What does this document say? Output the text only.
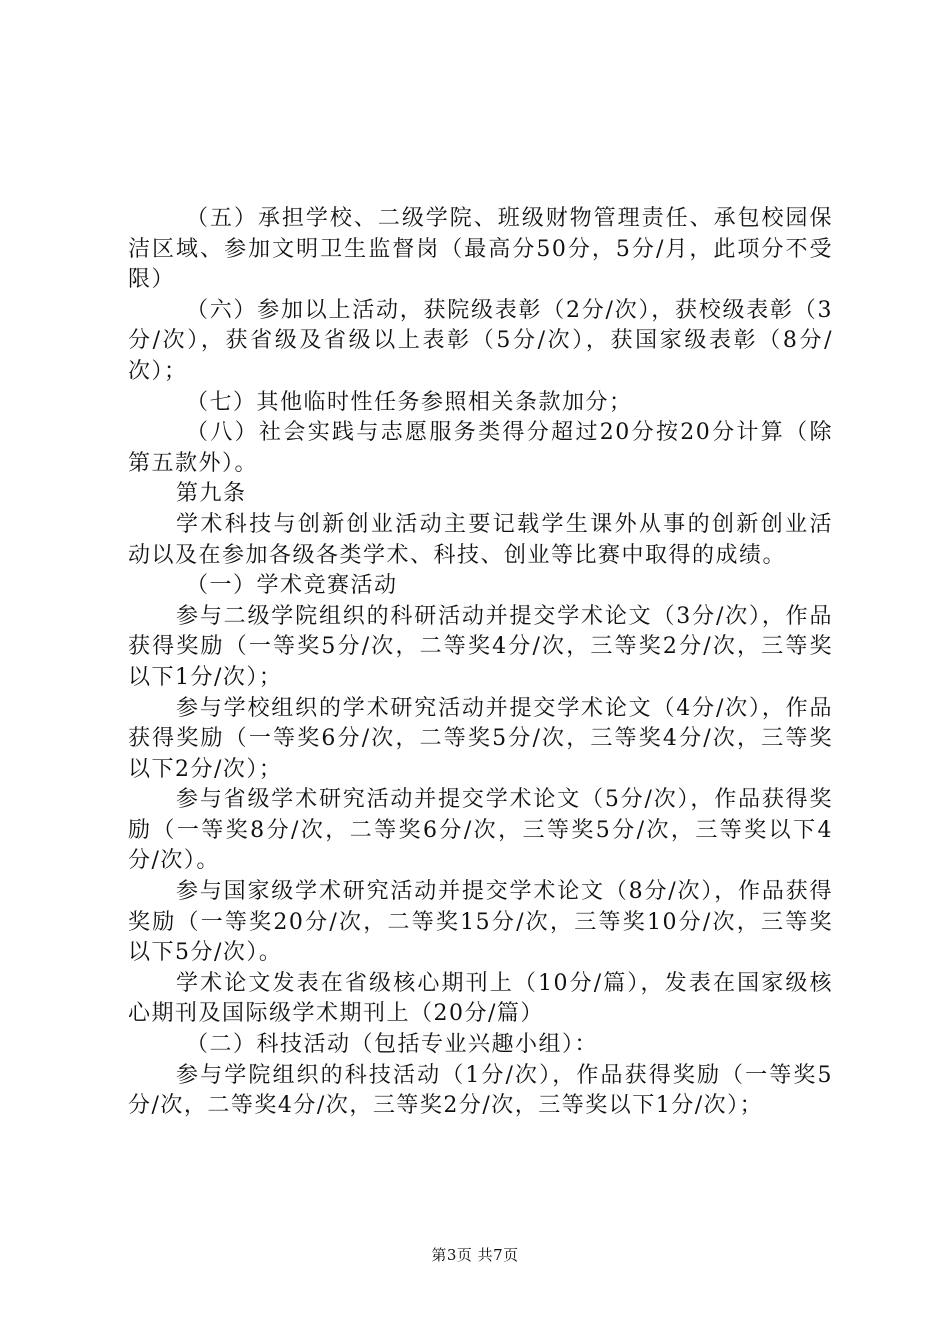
（五）承担学校、二级学院、班级财物管理责任、承包校园保洁区域、参加文明卫生监督岗（最高分50分，5分/月，此项分不受限）

（六）参加以上活动，获院级表彰（2分/次），获校级表彰（3分/次），获省级及省级以上表彰（5分/次），获国家级表彰（8分/次）；

（七）其他临时性任务参照相关条款加分；

（八）社会实践与志愿服务类得分超过20分按20分计算（除第五款外）。

第九条

学术科技与创新创业活动主要记载学生课外从事的创新创业活动以及在参加各级各类学术、科技、创业等比赛中取得的成绩。

（一）学术竞赛活动

参与二级学院组织的科研活动并提交学术论文（3分/次），作品获得奖励（一等奖5分/次，二等奖4分/次，三等奖2分/次，三等奖以下1分/次）；

参与学校组织的学术研究活动并提交学术论文（4分/次），作品获得奖励（一等奖6分/次，二等奖5分/次，三等奖4分/次，三等奖以下2分/次）；

参与省级学术研究活动并提交学术论文（5分/次），作品获得奖励（一等奖8分/次，二等奖6分/次，三等奖5分/次，三等奖以下4分/次）。

参与国家级学术研究活动并提交学术论文（8分/次），作品获得奖励（一等奖20分/次，二等奖15分/次，三等奖10分/次，三等奖以下5分/次）。

学术论文发表在省级核心期刊上（10分/篇），发表在国家级核心期刊及国际级学术期刊上（20分/篇）

（二）科技活动（包括专业兴趣小组）：

参与学院组织的科技活动（1分/次），作品获得奖励（一等奖5分/次，二等奖4分/次，三等奖2分/次，三等奖以下1分/次）；

第3页 共7页
